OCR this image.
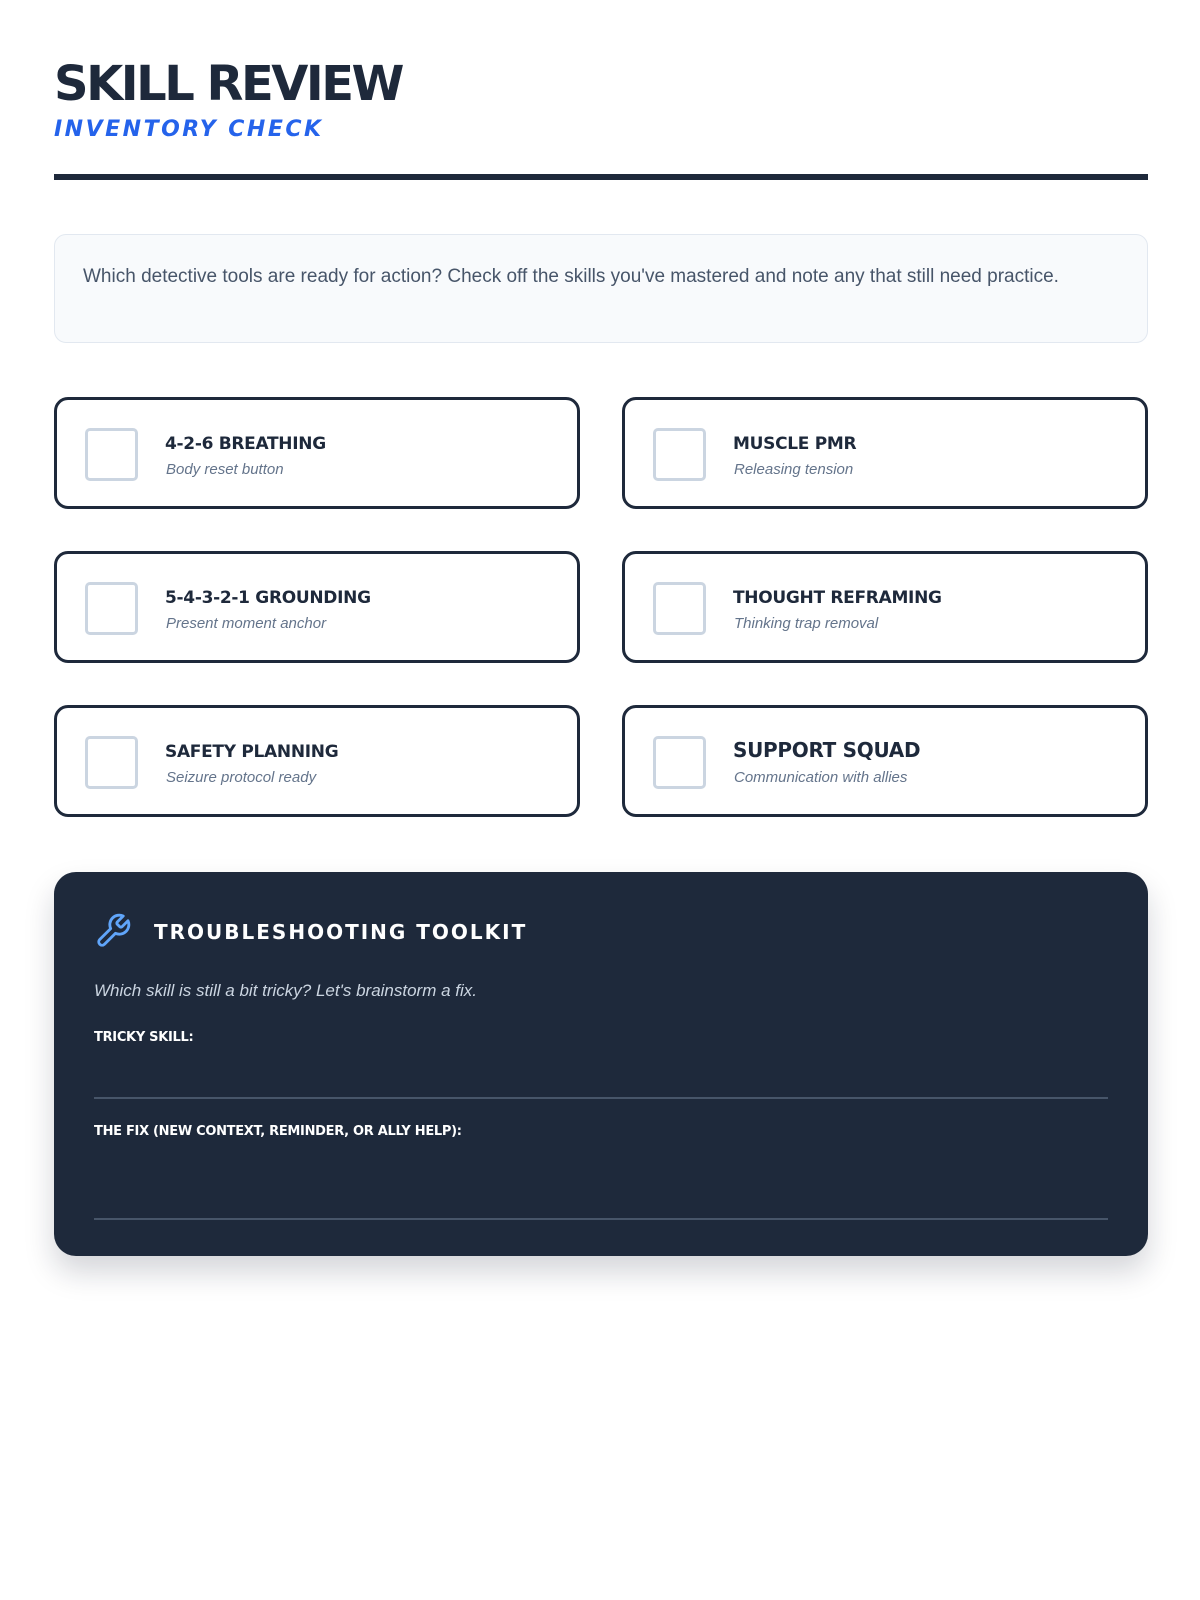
SKILL REVIEW
INVENTORY CHECK

Which detective tools are ready for action? Check off the skills you've mastered and note any that still need practice.

4-2-6 BREATHING
Body reset button
MUSCLE PMR
Releasing tension
5-4-3-2-1 GROUNDING
Present moment anchor
THOUGHT REFRAMING
Thinking trap removal
SAFETY PLANNING
Seizure protocol ready
SUPPORT SQUAD
Communication with allies
TROUBLESHOOTING TOOLKIT
Which skill is still a bit tricky? Let's brainstorm a fix.
TRICKY SKILL:
THE FIX (NEW CONTEXT, REMINDER, OR ALLY HELP):
